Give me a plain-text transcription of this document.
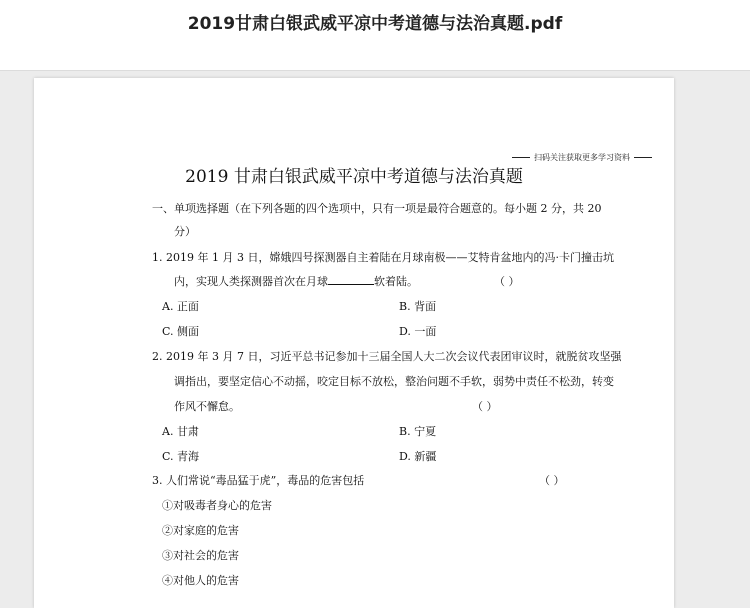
2019甘肃白银武威平凉中考道德与法治真题.pdf
扫码关注获取更多学习资料
2019 甘肃白银武威平凉中考道德与法治真题
一、单项选择题（在下列各题的四个选项中，只有一项是最符合题意的。每小题 2 分，共 20
分）
1. 2019 年 1 月 3 日，嫦娥四号探测器自主着陆在月球南极——艾特肯盆地内的冯·卡门撞击坑
内，实现人类探测器首次在月球	软着陆。	（ ）
A. 正面	B. 背面
C. 侧面	D. 一面
2. 2019 年 3 月 7 日，习近平总书记参加十三届全国人大二次会议代表团审议时，就脱贫攻坚强
调指出，要坚定信心不动摇，咬定目标不放松，整治问题不手软，弱势中责任不松劲，转变
作风不懈怠。	（ ）
A. 甘肃	B. 宁夏
C. 青海	D. 新疆
3. 人们常说“毒品猛于虎”，毒品的危害包括	（ ）
①对吸毒者身心的危害
②对家庭的危害
③对社会的危害
④对他人的危害
